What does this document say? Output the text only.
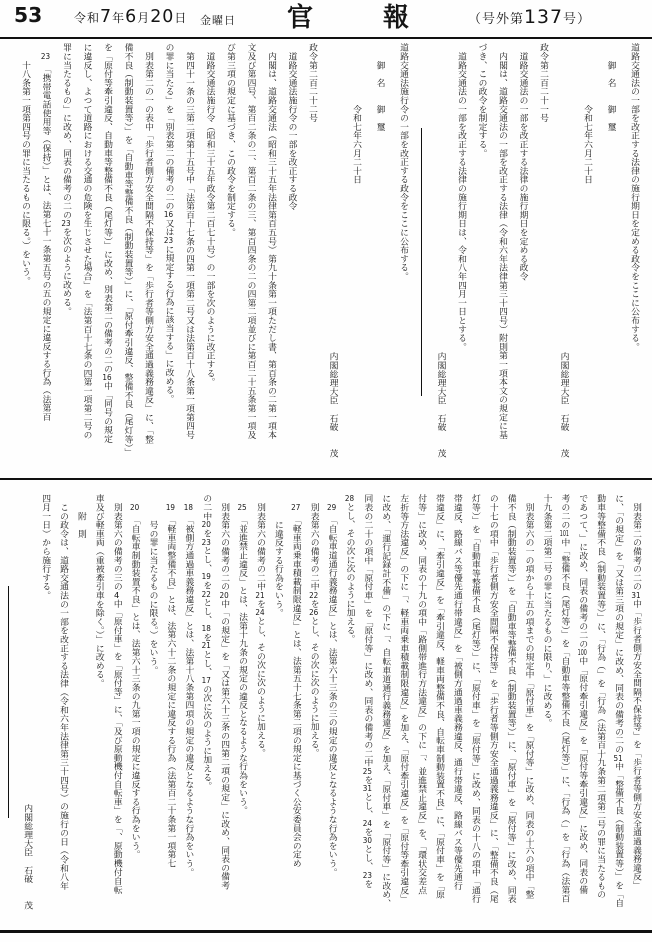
53	令和7年6月20日 金曜日 官報
（号外第137号）
道路交通法の一部を改正する法律の施行期日を定める政令をここに公布する。
　　御　名　　御　璽
　　　　　　　令和七年六月二十日
内閣総理大臣　石破　　茂
政令第二百二十一号
　道路交通法の一部を改正する法律の施行期日を定める政令
　内閣は、道路交通法の一部を改正する法律（令和六年法律第三十四号）附則第一項本文の規定に基
づき、この政令を制定する。
　道路交通法の一部を改正する法律の施行期日は、令和八年四月一日とする。
内閣総理大臣　石破　　茂
道路交通法施行令の一部を改正する政令をここに公布する。
　　御　名　　御　璽
　　　　　　　令和七年六月二十日
内閣総理大臣　石破　　茂
政令第二百二十二号
　道路交通法施行令の一部を改正する政令
　内閣は、道路交通法（昭和三十五年法律第百五号）第九十条第一項ただし書、第百条の二第一項本
文及び第四号、第百二条の二、第百二条の三、第百四条の二の四第二項並びに第百二十五条第一項及
び第三項の規定に基づき、この政令を制定する。
　道路交通法施行令（昭和三十五年政令第二百七十号）の一部を次のように改正する。
　第四十一条の三第二項第十五号中「法第百十七条の四第一項第二号又は法第百十八条第一項第四号
の罪に当たる」を「別表第二の備考の二の16又は23に規定する行為に該当する」に改める。
　別表第二の一の表中「歩行者側方安全間隔不保持等」を「歩行者等側方安全通過義務違反」に、「整
備不良（制動装置等）」を「自動車等整備不良（制動装置等）」に、「原付牽引違反、整備不良（尾灯等）」
を「原付等牽引違反、自動車等整備不良（尾灯等）」に改め、別表第二の備考の二の16中「同号の規定
に違反し、よつて道路における交通の危険を生じさせた場合」を「法第百十七条の四第一項第二号の
罪に当たるもの」に改め、同表の備考の二の23を次のように改める。
　23　「携帯電話使用等（保持）」とは、法第七十一条第五号の五の規定に違反する行為（法第百
　　十八条第一項第四号の罪に当たるものに限る。）をいう。
　別表第二の備考の二の31中「歩行者側方安全間隔不保持等」を「歩行者等側方安全通過義務違反」
に、「の規定」を「又は第三項の規定」に改め、同表の備考の二の51中「整備不良（制動装置等）」を「自
動車等整備不良（制動装置等）」に、「行為（」を「行為（法第百十九条第二項第二号の罪に当たるもの
であつて、」に改め、同表の備考の二の100中「原付牽引違反」を「原付等牽引違反」に改め、同表の備
考の二の101中「整備不良（尾灯等）」を「自動車等整備不良（尾灯等）」に、「行為（」を「行為（法第百
十九条第二項第二号の罪に当たるものに限り、」に改める。
　別表第六の一の項から十五の項までの規定中「原付車」を「原付等」に改め、同表の十六の項中「整
備不良（制動装置等）」を「自動車等整備不良（制動装置等）」に、「原付車」を「原付等」に改め、同表
の十七の項中「歩行者側方安全間隔不保持等」を「歩行者等側方安全通過義務違反」に、「整備不良（尾
灯等）」を「自動車等整備不良（尾灯等）」に、「原付車」を「原付等」に改め、同表の十八の項中「通行
帯違反、路線バス等優先通行帯違反」を「被側方通過車義務違反、通行帯違反、路線バス等優先通行
帯違反」に、「牽引違反」を「牽引違反、軽車両整備不良、自転車制動装置不良」に、「原付車」を「原
付等」に改め、同表の十九の項中「路側帯進行方法違反」の下に「、並進禁止違反」を、「環状交差点
左折等方法違反」の下に「、軽車両乗車積載制限違反」を加え、「原付牽引違反」を「原付等牽引違反」
に改め、「運行記録計不備」の下に「、自転車道通行義務違反」を加え、「原付車」を「原付等」に改め、
同表の二十の項中「原付車」を「原付等」に改め、同表の備考の二中25を31とし、24を30とし、23を
28とし、その次に次のように加える。
　29　「自転車道通行義務違反」とは、法第六十三条の三の規定の違反となるような行為をいう。
　別表第六の備考の二中22を26とし、その次に次のように加える。
　27　「軽車両乗車積載制限違反」とは、法第五十七条第二項の規定に基づく公安委員会の定め
　　　に違反する行為をいう。
　別表第六の備考の二中21を24とし、その次に次のように加える。
　25　「並進禁止違反」とは、法第十九条の規定の違反となるような行為をいう。
　別表第六の備考の二の20中「の規定」を「又は第六十三条の四第二項の規定」に改め、同表の備考
の二中20を23とし、19を22とし、18を21とし、17の次に次のように加える。
　18　「被側方通過車義務違反」とは、法第十八条第四項の規定の違反となるような行為をいう。
　19　「軽車両整備不良」とは、法第六十二条の規定に違反する行為（法第百二十条第一項第七
　　　号の罪に当たるものに限る。）をいう。
　20　「自転車制動装置不良」とは、法第六十三条の九第一項の規定に違反する行為をいう。
　別表第六の備考の三の4中「原付車」を「原付等」に、「及び原動機付自転車」を「、原動機付自転
車及び軽車両（重被牽引車を除く。）」に改める。
　　附　則
　この政令は、道路交通法の一部を改正する法律（令和六年法律第三十四号）の施行の日（令和八年
四月一日）から施行する。
内閣総理大臣　石破　　茂
